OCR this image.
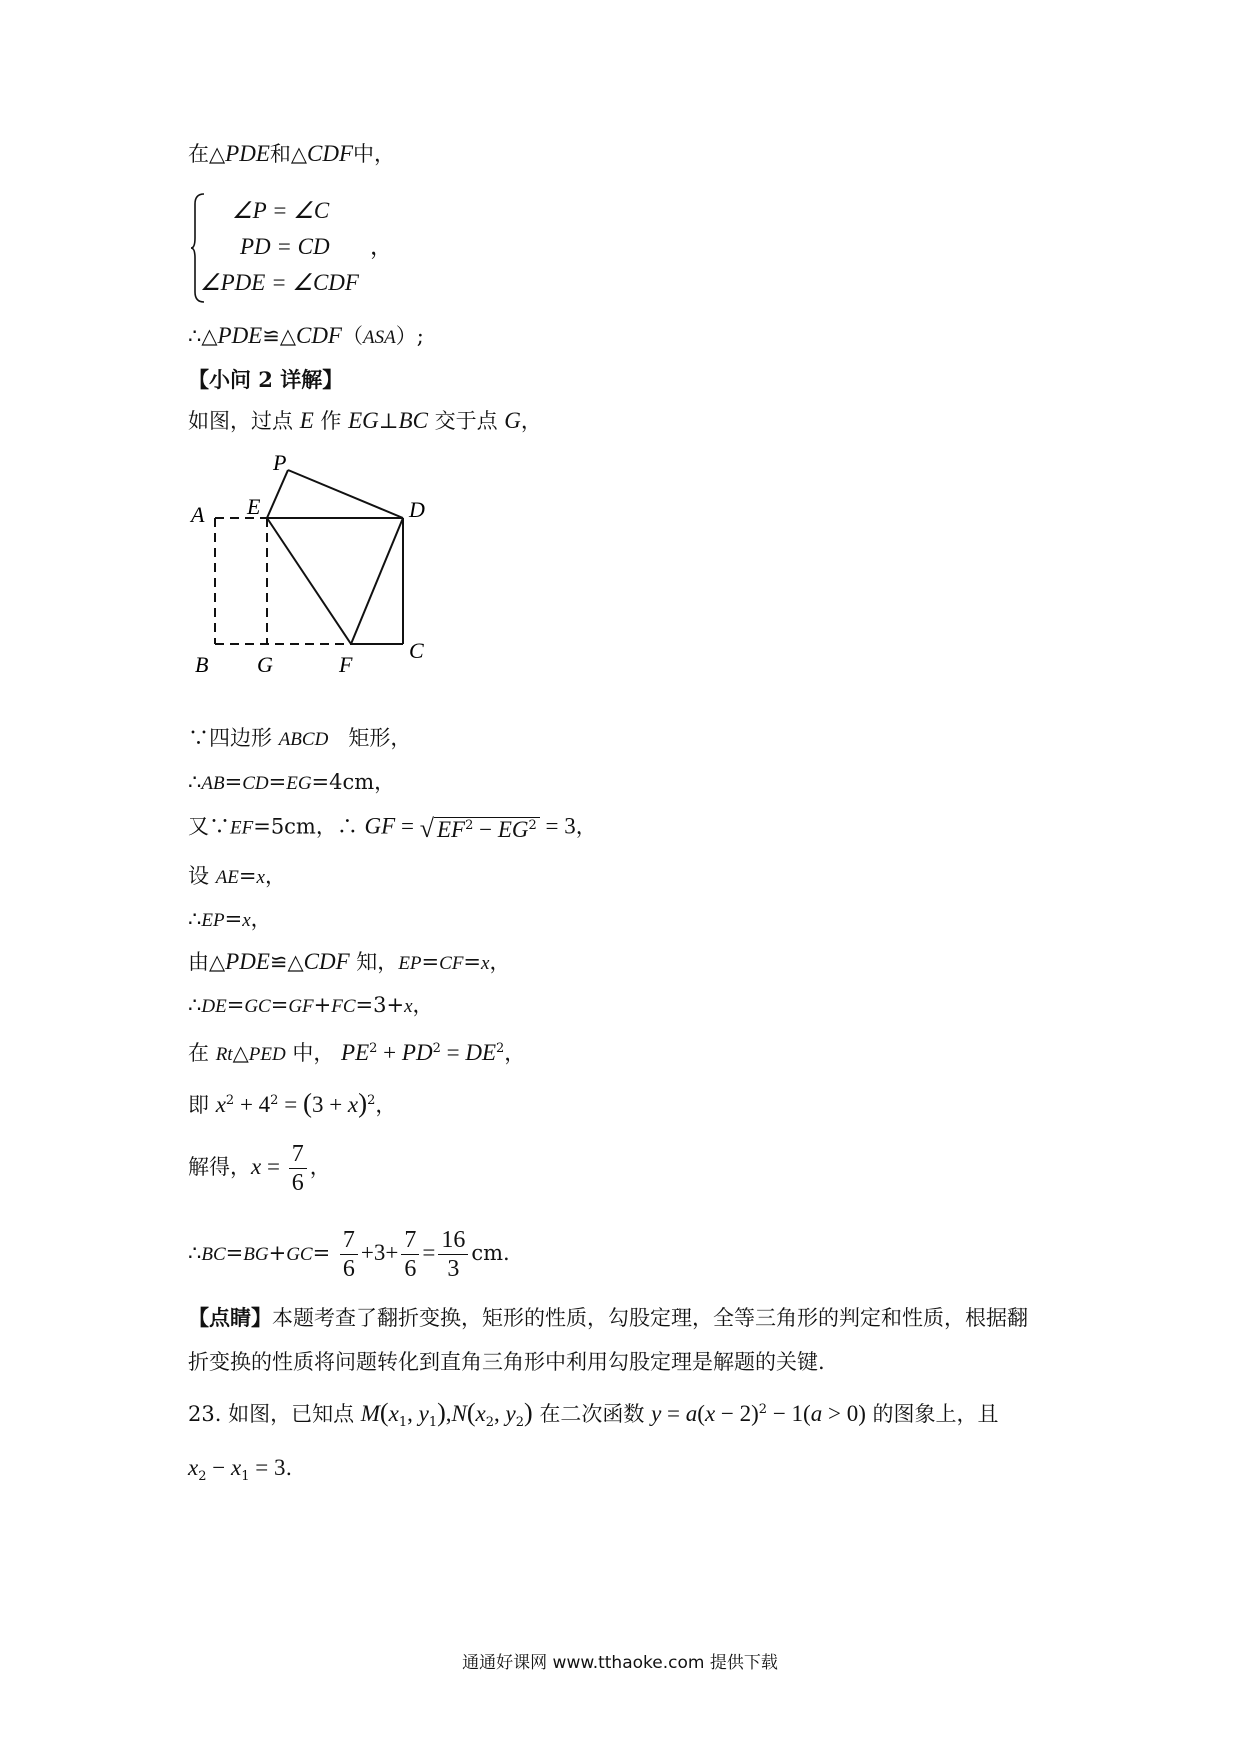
在△PDE和△CDF中，
∠P = ∠C
PD = CD
∠PDE = ∠CDF
，
∴△PDE≌△CDF（ASA）;
【小问 2 详解】
如图，过点 E 作 EG⊥BC 交于点 G，
P
A E	D
B G	F
C
∵四边形 ABCD   矩形，
∴AB=CD=EG=4cm，
又∵EF=5cm，∴ GF = √ $EF^2 - EG^2 = 3$，
设 AE=x，
∴EP=x，
由△PDE≌△CDF 知，EP=CF=x，
∴DE=GC=GF+FC=3+x，
在 Rt△PED 中， $PE^2 + PD^2 = DE^2$，
即 $x^2 + 4^2 = (3 + x)^2$，
解得，$x = \frac{7}{6}$ ，
∴BC=BG+GC= $\frac{7}{6} +3+ \frac{7}{6} = \frac{16}{3}$ cm.
【点睛】本题考查了翻折变换，矩形的性质，勾股定理，全等三角形的判定和性质，根据翻
折变换的性质将问题转化到直角三角形中利用勾股定理是解题的关键.
23. 如图，已知点 $M(x_1$, $y_1),N(x_2$, $y_2$) 在二次函数 $y = a(x - 2)^2 - 1(a > 0)$ 的图象上，且
$x_2 - x_1 = 3$.
通通好课网 www.tthaoke.com 提供下载
